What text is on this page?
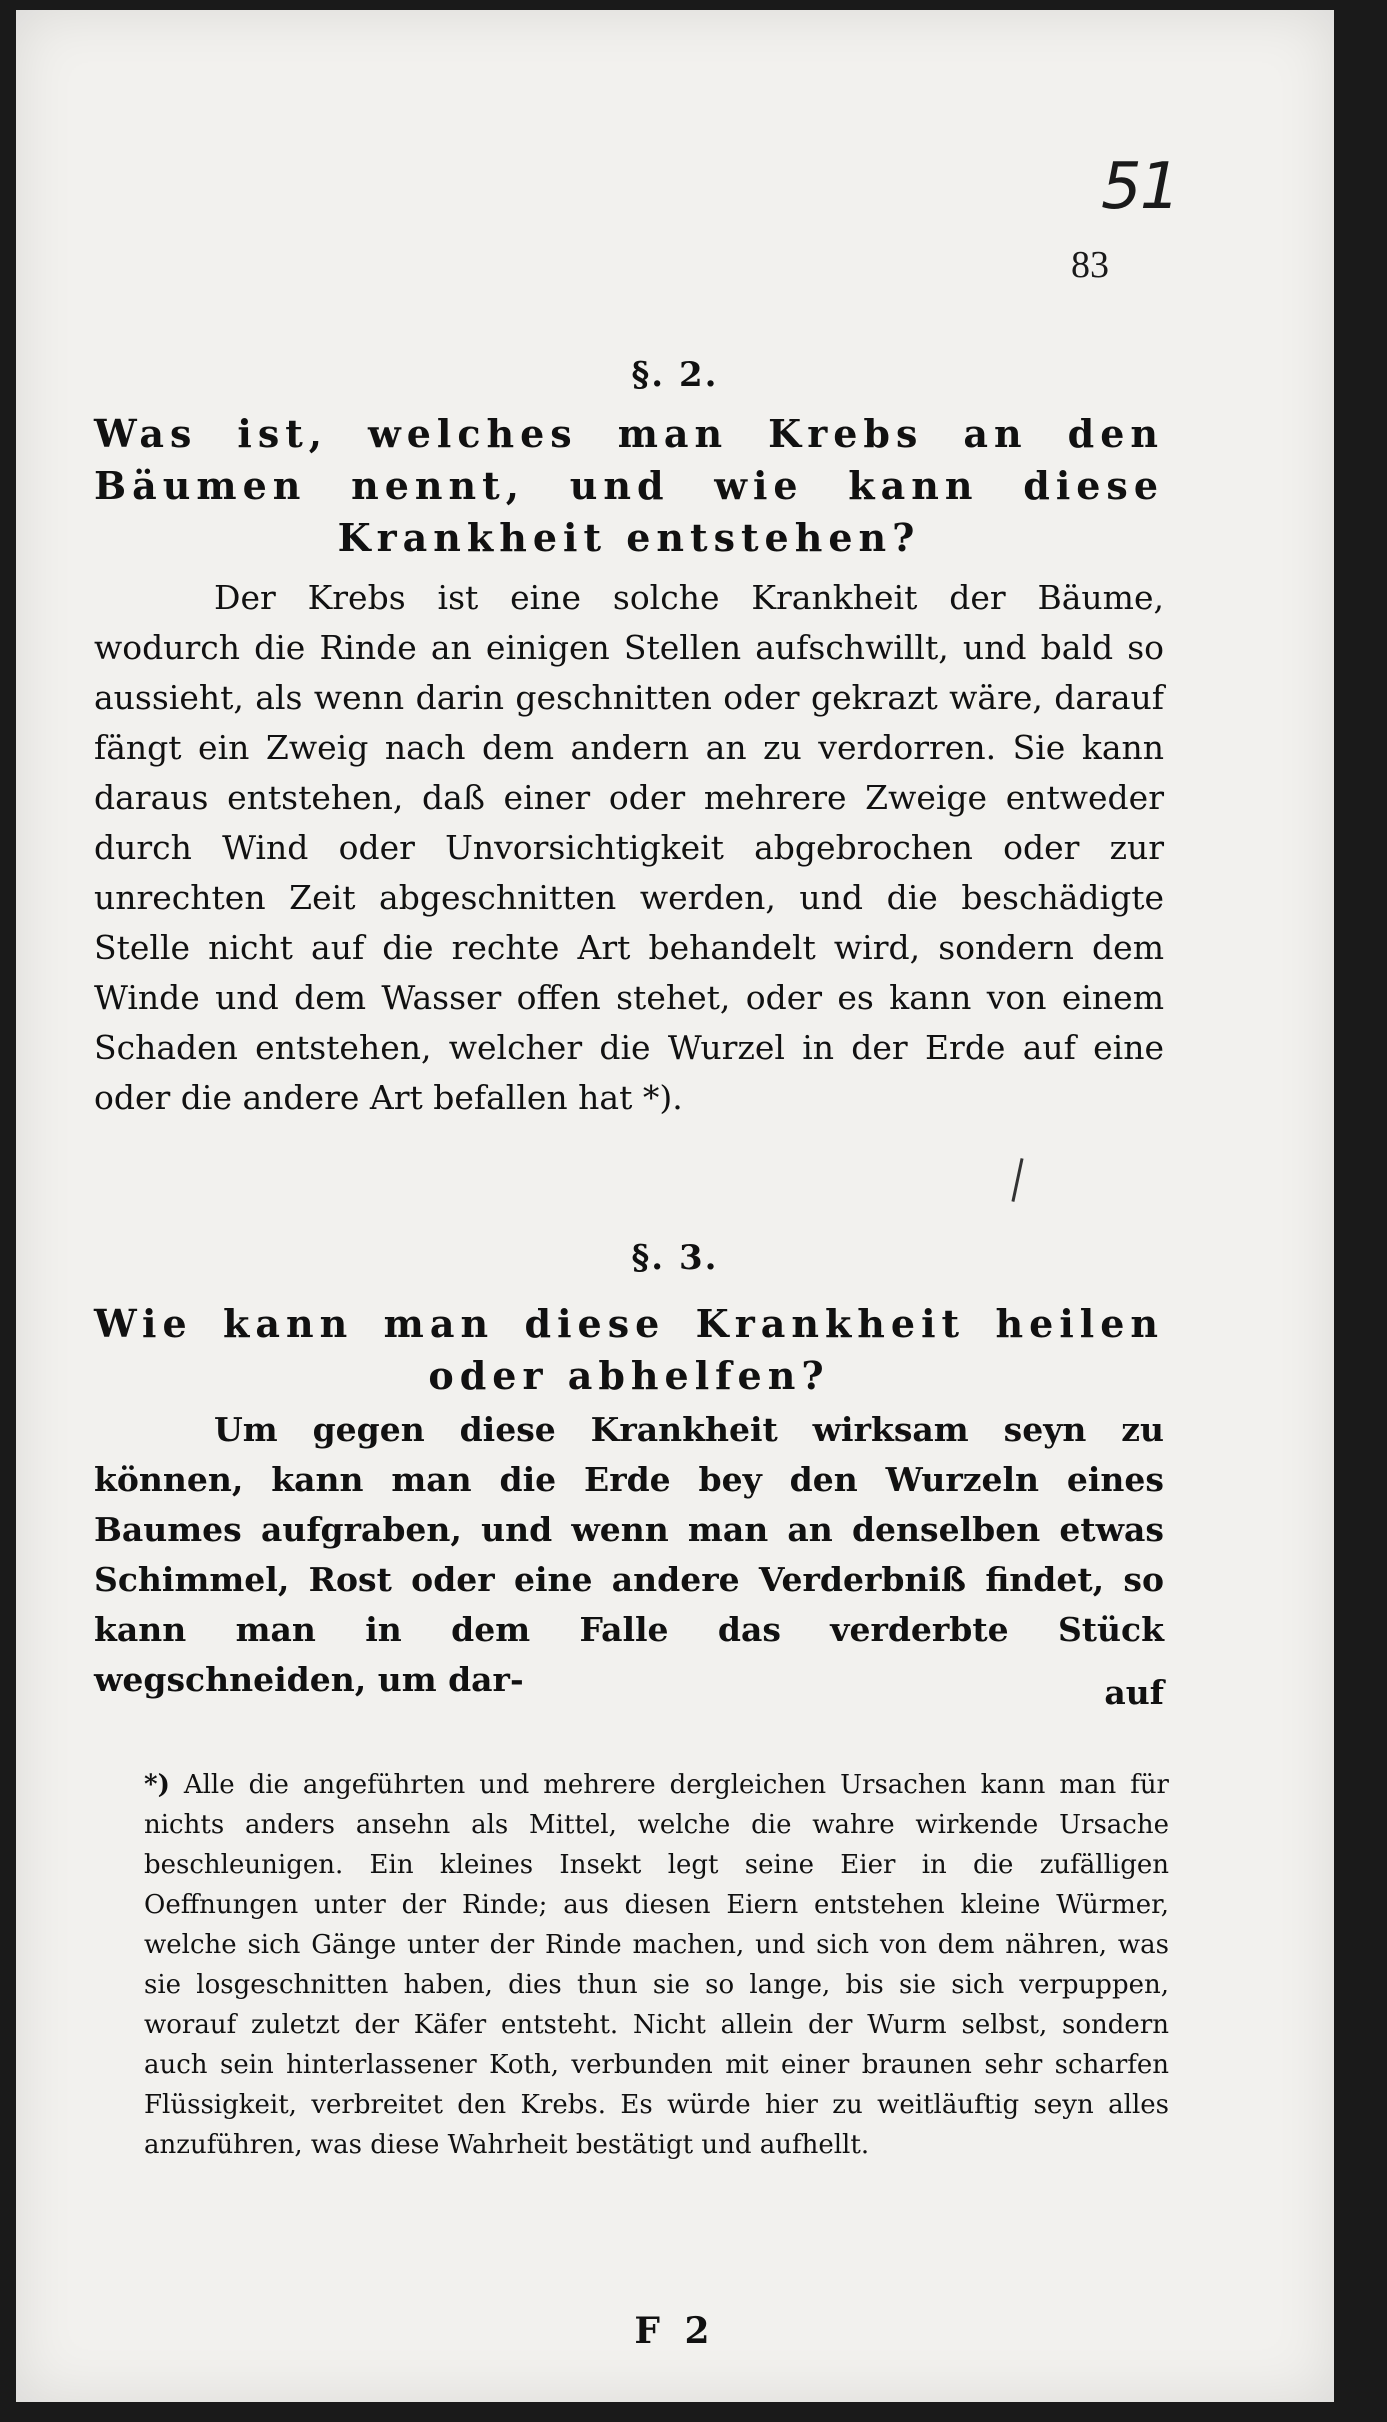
51
83
§. 2.
Was ist, welches man Krebs an den Bäumen nennt, und wie kann diese Krankheit entstehen?
Der Krebs ist eine solche Krankheit der Bäume, wodurch die Rinde an einigen Stellen aufschwillt, und bald so aussieht, als wenn darin geschnitten oder gekrazt wäre, darauf fängt ein Zweig nach dem andern an zu verdorren. Sie kann daraus entstehen, daß einer oder mehrere Zweige entweder durch Wind oder Unvorsichtigkeit abgebrochen oder zur unrechten Zeit abgeschnitten werden, und die beschädigte Stelle nicht auf die rechte Art behandelt wird, sondern dem Winde und dem Wasser offen stehet, oder es kann von einem Schaden entstehen, welcher die Wurzel in der Erde auf eine oder die andere Art befallen hat *).
§. 3.
Wie kann man diese Krankheit heilen oder abhelfen?
Um gegen diese Krankheit wirksam seyn zu können, kann man die Erde bey den Wurzeln eines Baumes aufgraben, und wenn man an denselben etwas Schimmel, Rost oder eine andere Verderbniß findet, so kann man in dem Falle das verderbte Stück wegschneiden, um dar-	auf
*) Alle die angeführten und mehrere dergleichen Ursachen kann man für nichts anders ansehn als Mittel, welche die wahre wirkende Ursache beschleunigen. Ein kleines Insekt legt seine Eier in die zufälligen Oeffnungen unter der Rinde; aus diesen Eiern entstehen kleine Würmer, welche sich Gänge unter der Rinde machen, und sich von dem nähren, was sie losgeschnitten haben, dies thun sie so lange, bis sie sich verpuppen, worauf zuletzt der Käfer entsteht. Nicht allein der Wurm selbst, sondern auch sein hinterlassener Koth, verbunden mit einer braunen sehr scharfen Flüssigkeit, verbreitet den Krebs. Es würde hier zu weitläuftig seyn alles anzuführen, was diese Wahrheit bestätigt und aufhellt.
F 2
